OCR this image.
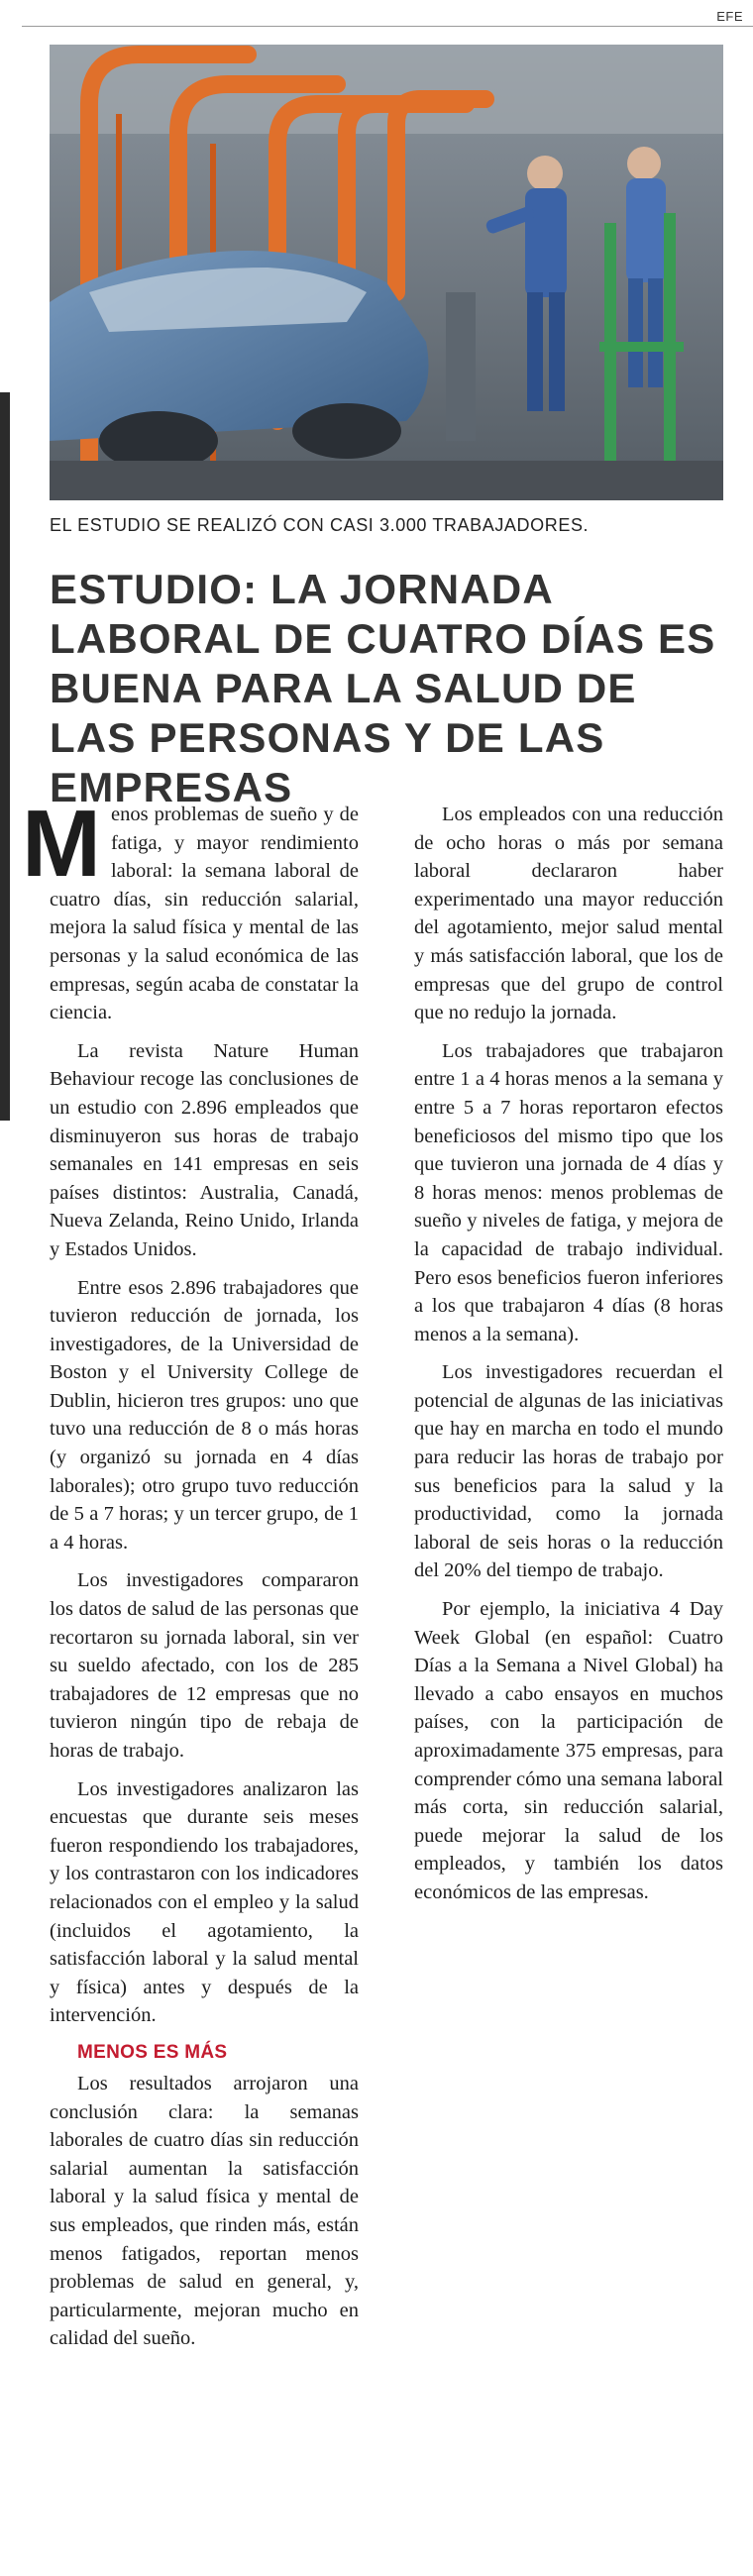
EFE
EL ESTUDIO SE REALIZÓ CON CASI 3.000 TRABAJADORES.
ESTUDIO: LA JORNADA LABORAL DE CUATRO DÍAS ES BUENA PARA LA SALUD DE LAS PERSONAS Y DE LAS EMPRESAS

Menos problemas de sueño y de fatiga, y mayor rendimiento laboral: la semana laboral de cuatro días, sin reducción salarial, mejora la salud física y mental de las personas y la salud económica de las empresas, según acaba de constatar la ciencia.

La revista Nature Human Behaviour recoge las conclusiones de un estudio con 2.896 empleados que disminuyeron sus horas de trabajo semanales en 141 empresas en seis países distintos: Australia, Canadá, Nueva Zelanda, Reino Unido, Irlanda y Estados Unidos.

Entre esos 2.896 trabajadores que tuvieron reducción de jornada, los investigadores, de la Universidad de Boston y el University College de Dublin, hicieron tres grupos: uno que tuvo una reducción de 8 o más horas (y organizó su jornada en 4 días laborales); otro grupo tuvo reducción de 5 a 7 horas; y un tercer grupo, de 1 a 4 horas.

Los investigadores compararon los datos de salud de las personas que recortaron su jornada laboral, sin ver su sueldo afectado, con los de 285 trabajadores de 12 empresas que no tuvieron ningún tipo de rebaja de horas de trabajo.

Los investigadores analizaron las encuestas que durante seis meses fueron respondiendo los trabajadores, y los contrastaron con los indicadores relacionados con el empleo y la salud (incluidos el agotamiento, la satisfacción laboral y la salud mental y física) antes y después de la intervención.

MENOS ES MÁS

Los resultados arrojaron una conclusión clara: la semanas laborales de cuatro días sin reducción salarial aumentan la satisfacción laboral y la salud física y mental de sus empleados, que rinden más, están menos fatigados, reportan menos problemas de salud en general, y, particularmente, mejoran mucho en calidad del sueño.

Los empleados con una reducción de ocho horas o más por semana laboral declararon haber experimentado una mayor reducción del agotamiento, mejor salud mental y más satisfacción laboral, que los de empresas que del grupo de control que no redujo la jornada.

Los trabajadores que trabajaron entre 1 a 4 horas menos a la semana y entre 5 a 7 horas reportaron efectos beneficiosos del mismo tipo que los que tuvieron una jornada de 4 días y 8 horas menos: menos problemas de sueño y niveles de fatiga, y mejora de la capacidad de trabajo individual. Pero esos beneficios fueron inferiores a los que trabajaron 4 días (8 horas menos a la semana).

Los investigadores recuerdan el potencial de algunas de las iniciativas que hay en marcha en todo el mundo para reducir las horas de trabajo por sus beneficios para la salud y la productividad, como la jornada laboral de seis horas o la reducción del 20% del tiempo de trabajo.

Por ejemplo, la iniciativa 4 Day Week Global (en español: Cuatro Días a la Semana a Nivel Global) ha llevado a cabo ensayos en muchos países, con la participación de aproximadamente 375 empresas, para comprender cómo una semana laboral más corta, sin reducción salarial, puede mejorar la salud de los empleados, y también los datos económicos de las empresas.
